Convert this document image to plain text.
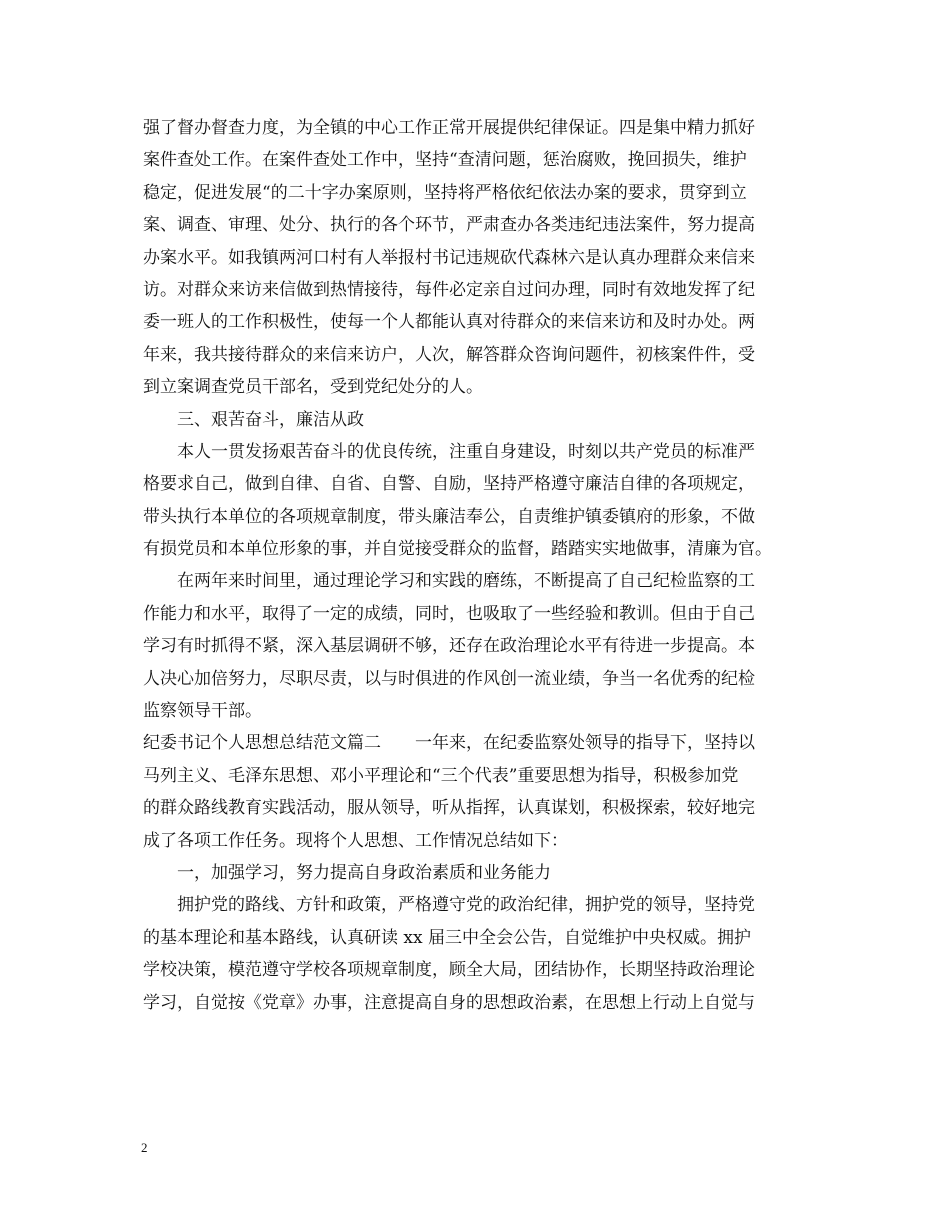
强了督办督查力度，为全镇的中心工作正常开展提供纪律保证。四是集中精力抓好
案件查处工作。在案件查处工作中，坚持“查清问题，惩治腐败，挽回损失，维护
稳定，促进发展“的二十字办案原则，坚持将严格依纪依法办案的要求，贯穿到立
案、调查、审理、处分、执行的各个环节，严肃查办各类违纪违法案件，努力提高
办案水平。如我镇两河口村有人举报村书记违规砍代森林六是认真办理群众来信来
访。对群众来访来信做到热情接待，每件必定亲自过问办理，同时有效地发挥了纪
委一班人的工作积极性，使每一个人都能认真对待群众的来信来访和及时办处。两
年来，我共接待群众的来信来访户，人次，解答群众咨询问题件，初核案件件，受
到立案调查党员干部名，受到党纪处分的人。
三、艰苦奋斗，廉洁从政
本人一贯发扬艰苦奋斗的优良传统，注重自身建设，时刻以共产党员的标准严
格要求自己，做到自律、自省、自警、自励，坚持严格遵守廉洁自律的各项规定，
带头执行本单位的各项规章制度，带头廉洁奉公，自责维护镇委镇府的形象，不做
有损党员和本单位形象的事，并自觉接受群众的监督，踏踏实实地做事，清廉为官。
在两年来时间里，通过理论学习和实践的磨练，不断提高了自己纪检监察的工
作能力和水平，取得了一定的成绩，同时，也吸取了一些经验和教训。但由于自己
学习有时抓得不紧，深入基层调研不够，还存在政治理论水平有待进一步提高。本
人决心加倍努力，尽职尽责，以与时俱进的作风创一流业绩，争当一名优秀的纪检
监察领导干部。
纪委书记个人思想总结范文篇二　　一年来，在纪委监察处领导的指导下，坚持以
马列主义、毛泽东思想、邓小平理论和“三个代表”重要思想为指导，积极参加党
的群众路线教育实践活动，服从领导，听从指挥，认真谋划，积极探索，较好地完
成了各项工作任务。现将个人思想、工作情况总结如下：
一，加强学习，努力提高自身政治素质和业务能力
拥护党的路线、方针和政策，严格遵守党的政治纪律，拥护党的领导，坚持党
的基本理论和基本路线，认真研读 xx 届三中全会公告，自觉维护中央权威。拥护
学校决策，模范遵守学校各项规章制度，顾全大局，团结协作，长期坚持政治理论
学习，自觉按《党章》办事，注意提高自身的思想政治素，在思想上行动上自觉与
2
